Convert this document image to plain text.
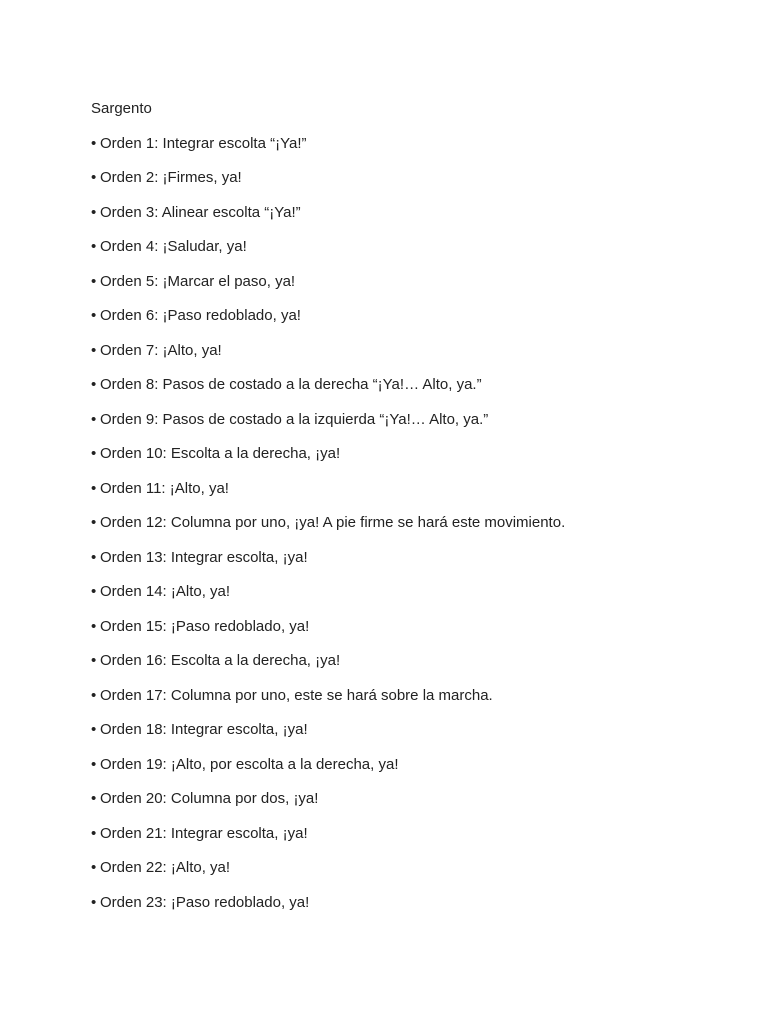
Sargento

• Orden 1: Integrar escolta “¡Ya!”
• Orden 2: ¡Firmes, ya!
• Orden 3: Alinear escolta “¡Ya!”
• Orden 4: ¡Saludar, ya!
• Orden 5: ¡Marcar el paso, ya!
• Orden 6: ¡Paso redoblado, ya!
• Orden 7: ¡Alto, ya!
• Orden 8: Pasos de costado a la derecha “¡Ya!… Alto, ya.”
• Orden 9: Pasos de costado a la izquierda “¡Ya!… Alto, ya.”
• Orden 10: Escolta a la derecha, ¡ya!
• Orden 11: ¡Alto, ya!
• Orden 12: Columna por uno, ¡ya! A pie firme se hará este movimiento.
• Orden 13: Integrar escolta, ¡ya!
• Orden 14: ¡Alto, ya!
• Orden 15: ¡Paso redoblado, ya!
• Orden 16: Escolta a la derecha, ¡ya!
• Orden 17: Columna por uno, este se hará sobre la marcha.
• Orden 18: Integrar escolta, ¡ya!
• Orden 19: ¡Alto, por escolta a la derecha, ya!
• Orden 20: Columna por dos, ¡ya!
• Orden 21: Integrar escolta, ¡ya!
• Orden 22: ¡Alto, ya!
• Orden 23: ¡Paso redoblado, ya!
